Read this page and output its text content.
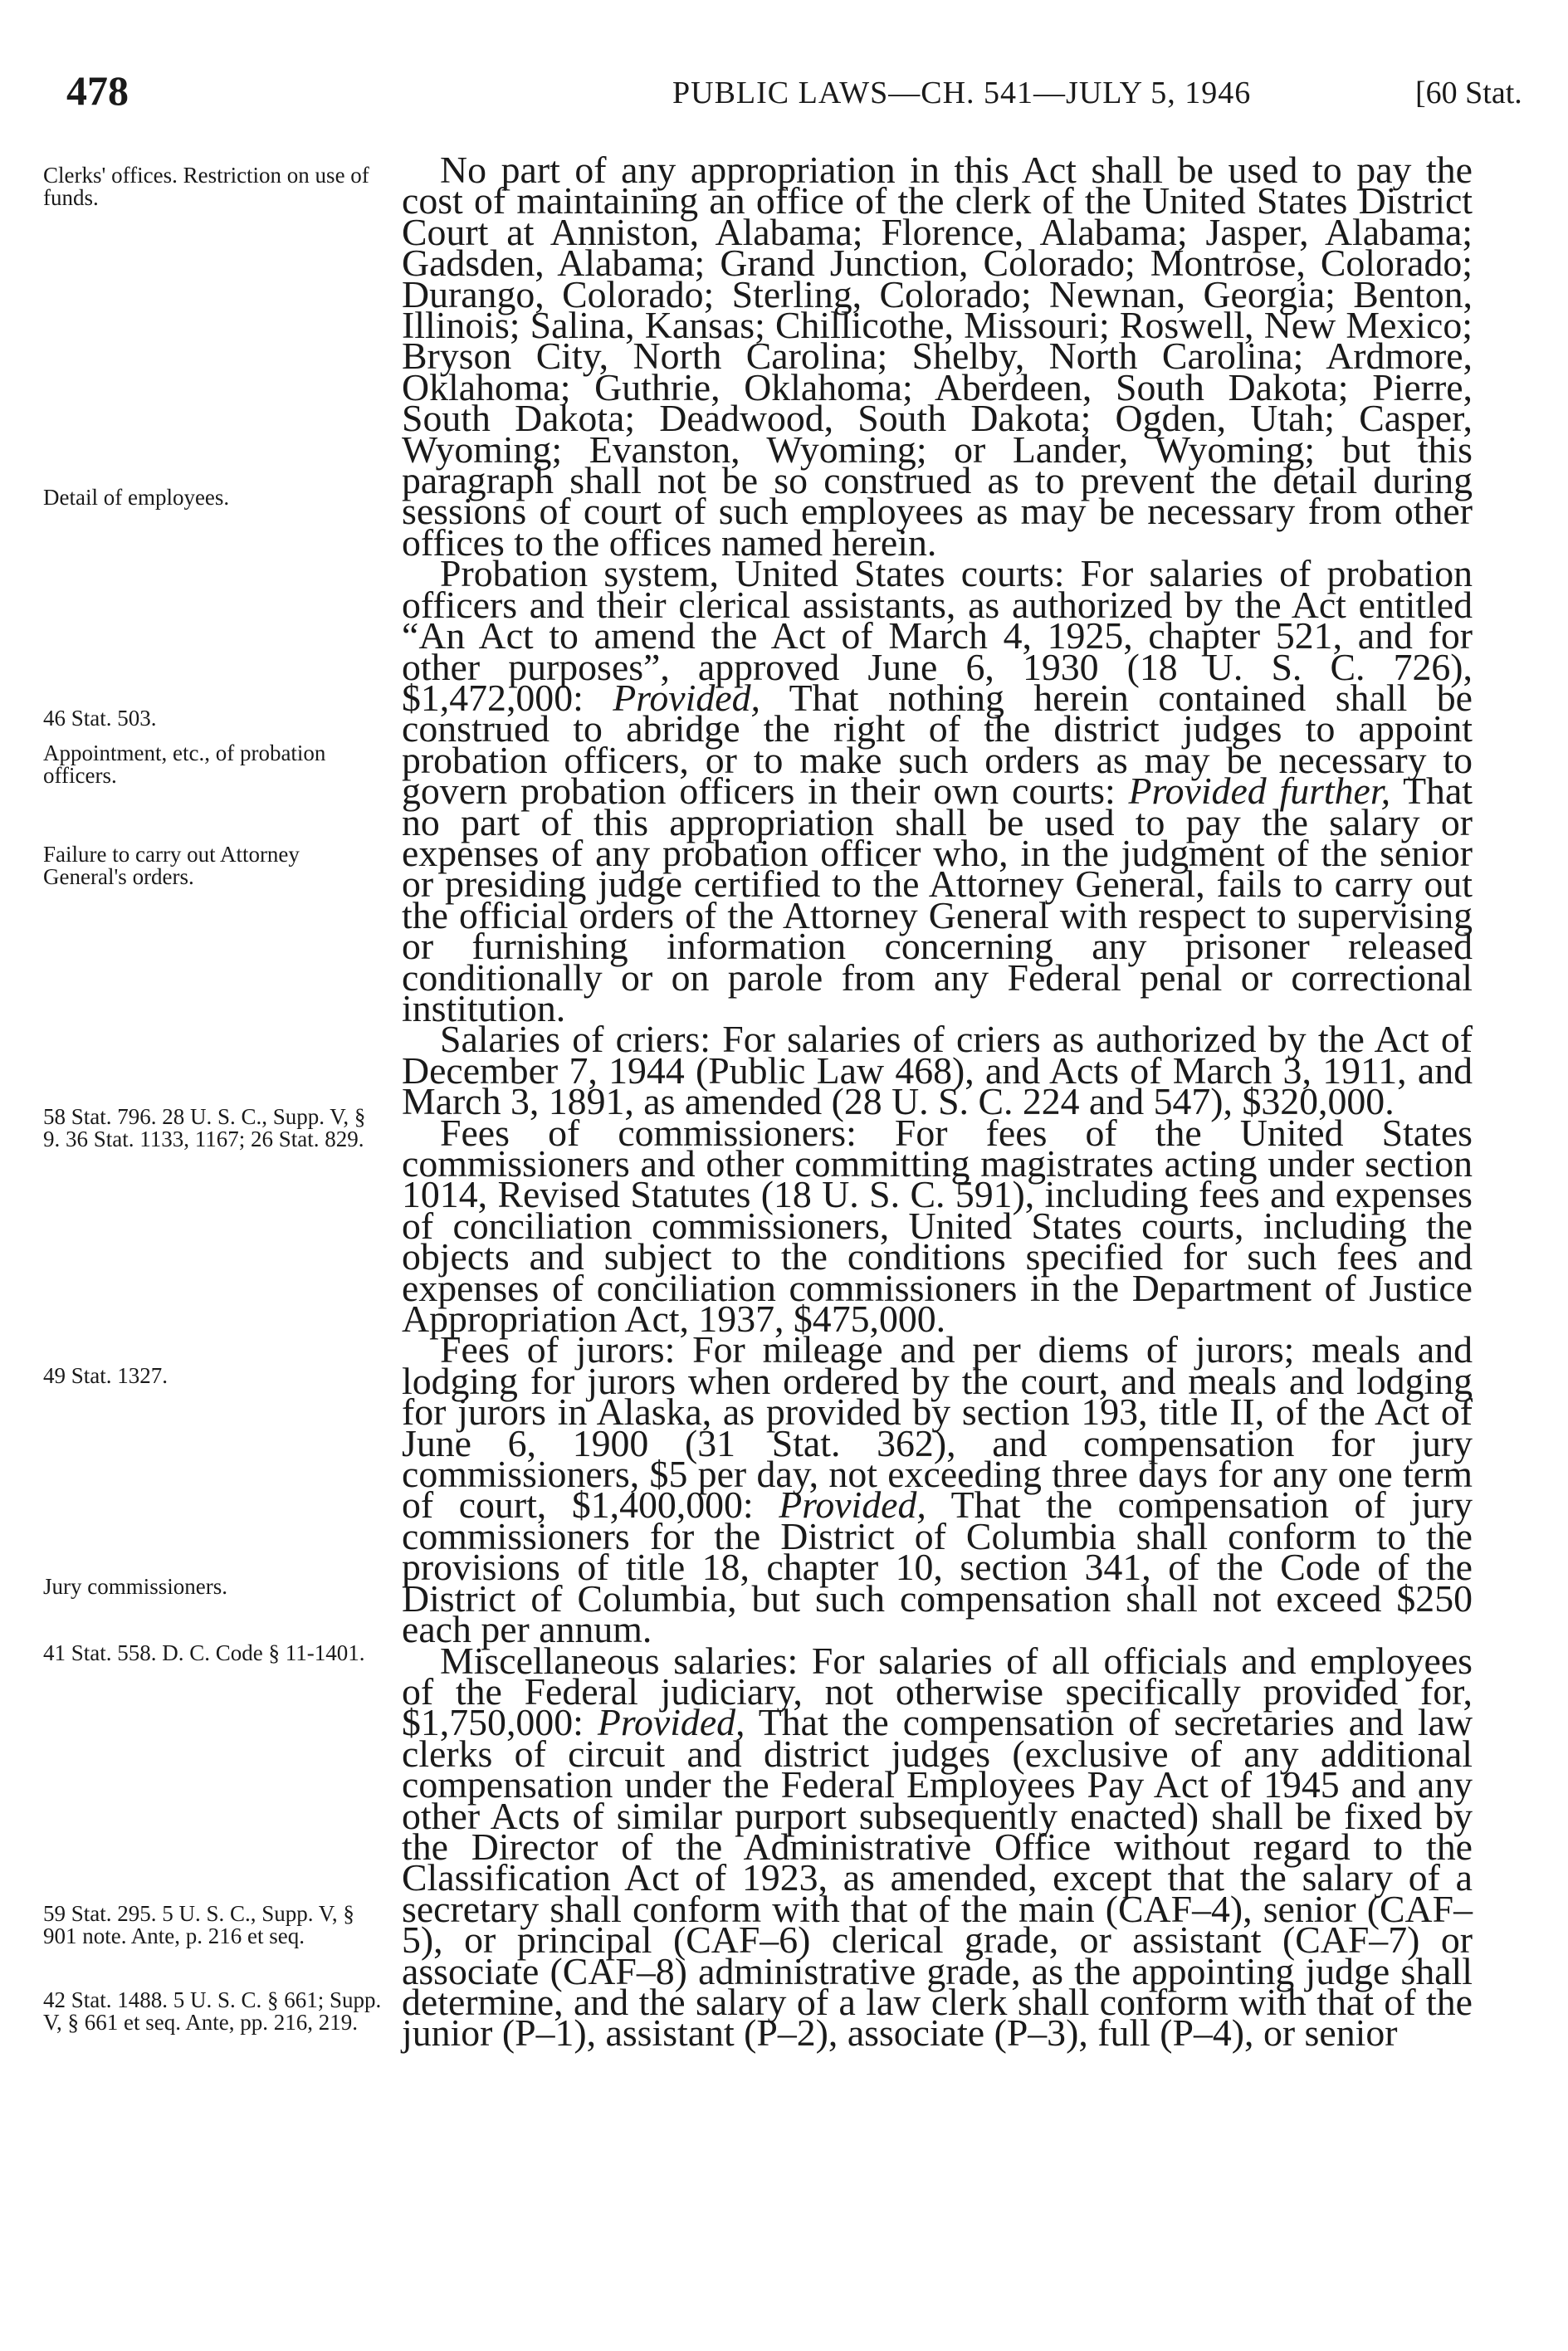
478	PUBLIC LAWS—CH. 541—JULY 5, 1946	[60 Stat.
Clerks' offices. Restriction on use of funds.
Detail of employees.
46 Stat. 503.
Appointment, etc., of probation officers.
Failure to carry out Attorney General's orders.
58 Stat. 796. 28 U. S. C., Supp. V, § 9. 36 Stat. 1133, 1167; 26 Stat. 829.
49 Stat. 1327.
Jury commissioners.
41 Stat. 558. D. C. Code § 11-1401.
59 Stat. 295. 5 U. S. C., Supp. V, § 901 note. Ante, p. 216 et seq.
42 Stat. 1488. 5 U. S. C. § 661; Supp. V, § 661 et seq. Ante, pp. 216, 219.

No part of any appropriation in this Act shall be used to pay the cost of maintaining an office of the clerk of the United States District Court at Anniston, Alabama; Florence, Alabama; Jasper, Alabama; Gadsden, Alabama; Grand Junction, Colorado; Montrose, Colorado; Durango, Colorado; Sterling, Colorado; Newnan, Georgia; Benton, Illinois; Salina, Kansas; Chillicothe, Missouri; Roswell, New Mexico; Bryson City, North Carolina; Shelby, North Carolina; Ardmore, Oklahoma; Guthrie, Oklahoma; Aberdeen, South Dakota; Pierre, South Dakota; Deadwood, South Dakota; Ogden, Utah; Casper, Wyoming; Evanston, Wyoming; or Lander, Wyoming; but this paragraph shall not be so construed as to prevent the detail during sessions of court of such employees as may be necessary from other offices to the offices named herein.

Probation system, United States courts: For salaries of probation officers and their clerical assistants, as authorized by the Act entitled “An Act to amend the Act of March 4, 1925, chapter 521, and for other purposes”, approved June 6, 1930 (18 U. S. C. 726), $1,472,000: Provided, That nothing herein contained shall be construed to abridge the right of the district judges to appoint probation officers, or to make such orders as may be necessary to govern probation officers in their own courts: Provided further, That no part of this appropriation shall be used to pay the salary or expenses of any probation officer who, in the judgment of the senior or presiding judge certified to the Attorney General, fails to carry out the official orders of the Attorney General with respect to supervising or furnishing information concerning any prisoner released conditionally or on parole from any Federal penal or correctional institution.

Salaries of criers: For salaries of criers as authorized by the Act of December 7, 1944 (Public Law 468), and Acts of March 3, 1911, and March 3, 1891, as amended (28 U. S. C. 224 and 547), $320,000.

Fees of commissioners: For fees of the United States commissioners and other committing magistrates acting under section 1014, Revised Statutes (18 U. S. C. 591), including fees and expenses of conciliation commissioners, United States courts, including the objects and subject to the conditions specified for such fees and expenses of conciliation commissioners in the Department of Justice Appropriation Act, 1937, $475,000.

Fees of jurors: For mileage and per diems of jurors; meals and lodging for jurors when ordered by the court, and meals and lodging for jurors in Alaska, as provided by section 193, title II, of the Act of June 6, 1900 (31 Stat. 362), and compensation for jury commissioners, $5 per day, not exceeding three days for any one term of court, $1,400,000: Provided, That the compensation of jury commissioners for the District of Columbia shall conform to the provisions of title 18, chapter 10, section 341, of the Code of the District of Columbia, but such compensation shall not exceed $250 each per annum.

Miscellaneous salaries: For salaries of all officials and employees of the Federal judiciary, not otherwise specifically provided for, $1,750,000: Provided, That the compensation of secretaries and law clerks of circuit and district judges (exclusive of any additional compensation under the Federal Employees Pay Act of 1945 and any other Acts of similar purport subsequently enacted) shall be fixed by the Director of the Administrative Office without regard to the Classification Act of 1923, as amended, except that the salary of a secretary shall conform with that of the main (CAF–4), senior (CAF–5), or principal (CAF–6) clerical grade, or assistant (CAF–7) or associate (CAF–8) administrative grade, as the appointing judge shall determine, and the salary of a law clerk shall conform with that of the junior (P–1), assistant (P–2), associate (P–3), full (P–4), or senior
